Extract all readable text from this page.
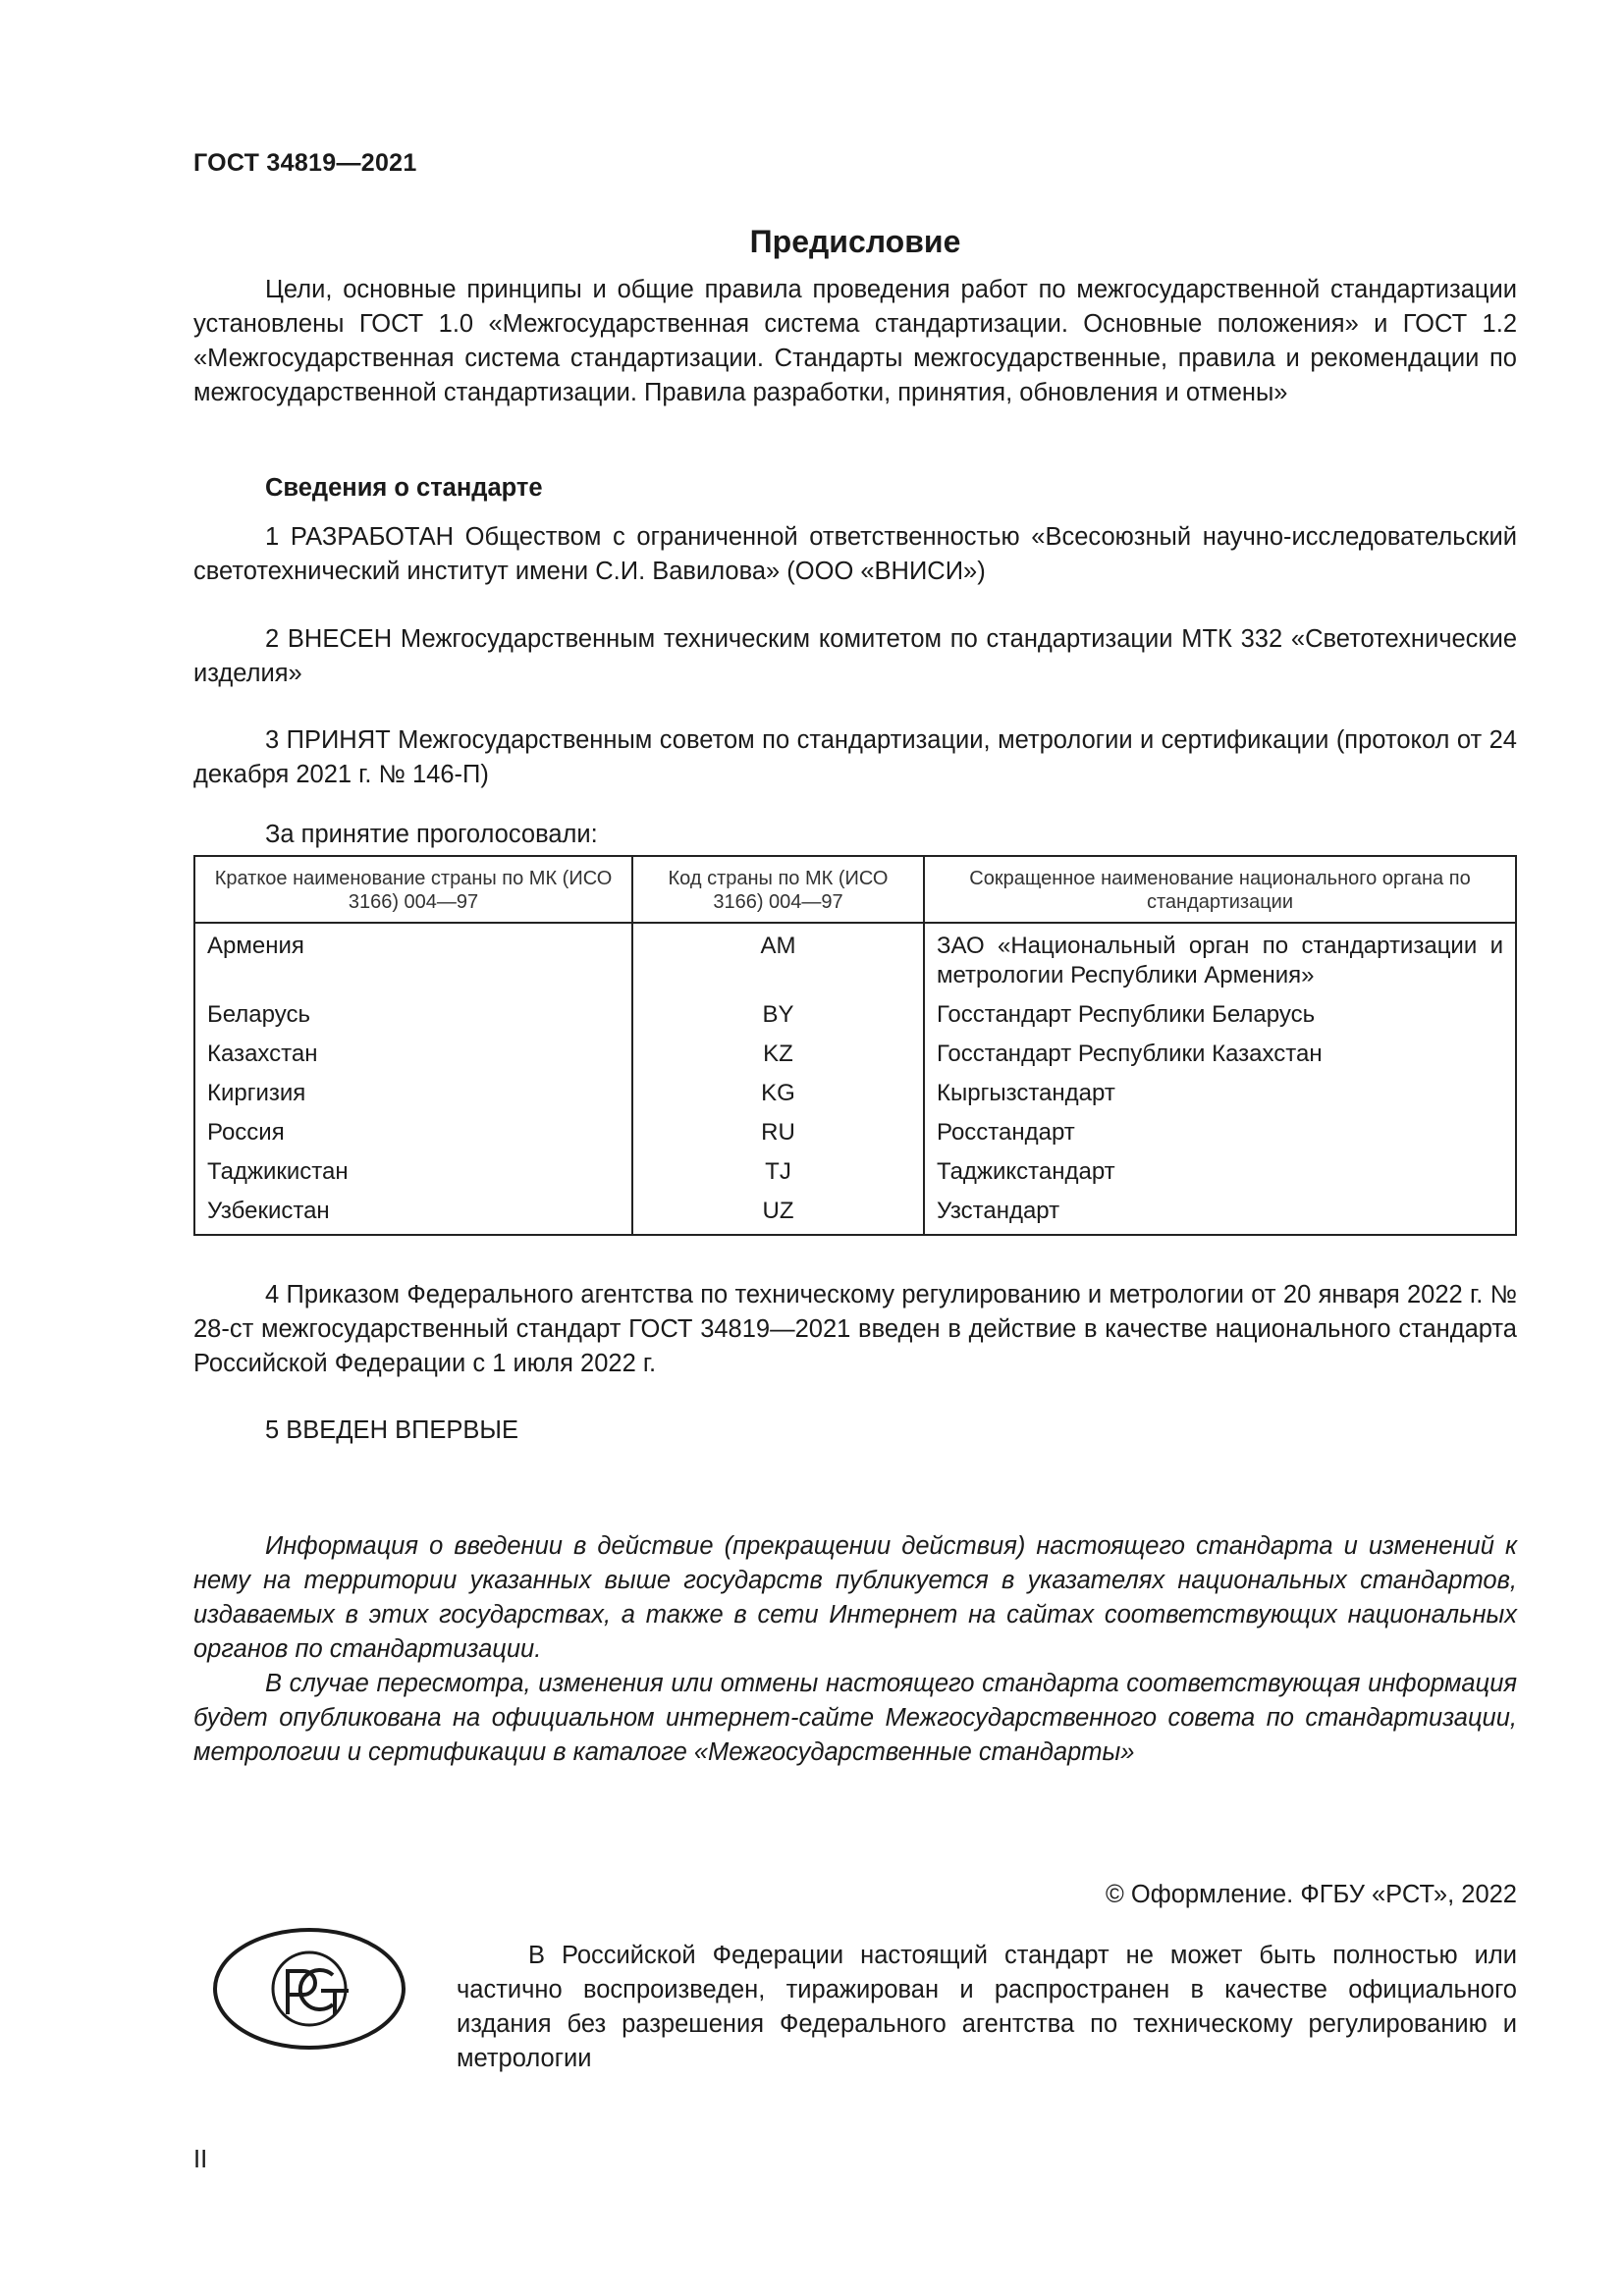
ГОСТ 34819—2021
Предисловие

Цели, основные принципы и общие правила проведения работ по межгосударственной стандартизации установлены ГОСТ 1.0 «Межгосударственная система стандартизации. Основные положения» и ГОСТ 1.2 «Межгосударственная система стандартизации. Стандарты межгосударственные, правила и рекомендации по межгосударственной стандартизации. Правила разработки, принятия, обновления и отмены»

Сведения о стандарте

1 РАЗРАБОТАН Обществом с ограниченной ответственностью «Всесоюзный научно-исследовательский светотехнический институт имени С.И. Вавилова» (ООО «ВНИСИ»)

2 ВНЕСЕН Межгосударственным техническим комитетом по стандартизации МТК 332 «Светотехнические изделия»

3 ПРИНЯТ Межгосударственным советом по стандартизации, метрологии и сертификации (протокол от 24 декабря 2021 г. № 146-П)

За принятие проголосовали:
Краткое наименование страны по МК (ИСО 3166) 004—97	Код страны по МК (ИСО 3166) 004—97	Сокращенное наименование национального органа по стандартизации
Армения	AM	ЗАО «Национальный орган по стандартизации и метрологии Республики Армения»
Беларусь	BY	Госстандарт Республики Беларусь
Казахстан	KZ	Госстандарт Республики Казахстан
Киргизия	KG	Кыргызстандарт
Россия	RU	Росстандарт
Таджикистан	TJ	Таджикстандарт
Узбекистан	UZ	Узстандарт

4 Приказом Федерального агентства по техническому регулированию и метрологии от 20 января 2022 г. № 28-ст межгосударственный стандарт ГОСТ 34819—2021 введен в действие в качестве национального стандарта Российской Федерации с 1 июля 2022 г.

5 ВВЕДЕН ВПЕРВЫЕ

Информация о введении в действие (прекращении действия) настоящего стандарта и изменений к нему на территории указанных выше государств публикуется в указателях национальных стандартов, издаваемых в этих государствах, а также в сети Интернет на сайтах соответствующих национальных органов по стандартизации.

В случае пересмотра, изменения или отмены настоящего стандарта соответствующая информация будет опубликована на официальном интернет-сайте Межгосударственного совета по стандартизации, метрологии и сертификации в каталоге «Межгосударственные стандарты»

© Оформление. ФГБУ «РСТ», 2022

В Российской Федерации настоящий стандарт не может быть полностью или частично воспроизведен, тиражирован и распространен в качестве официального издания без разрешения Федерального агентства по техническому регулированию и метрологии

II
